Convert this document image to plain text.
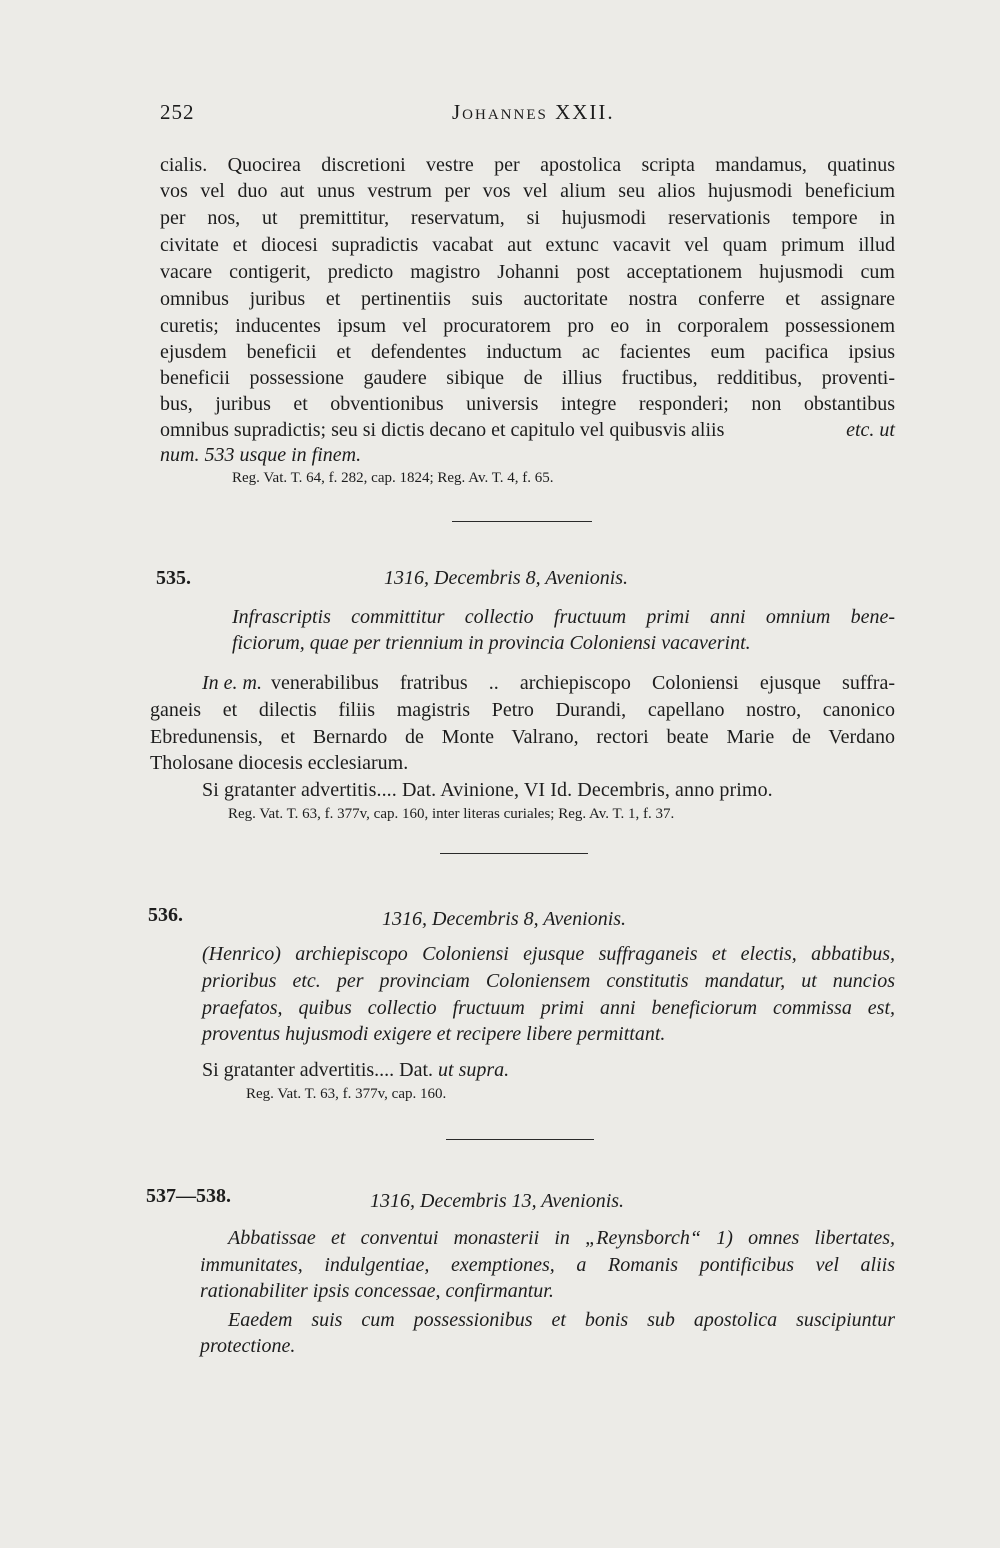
252	Johannes XXII.
cialis. Quocirea discretioni vestre per apostolica scripta mandamus, quatinus
vos vel duo aut unus vestrum per vos vel alium seu alios hujusmodi beneficium
per nos, ut premittitur, reservatum, si hujusmodi reservationis tempore in
civitate et diocesi supradictis vacabat aut extunc vacavit vel quam primum illud
vacare contigerit, predicto magistro Johanni post acceptationem hujusmodi cum
omnibus juribus et pertinentiis suis auctoritate nostra conferre et assignare
curetis; inducentes ipsum vel procuratorem pro eo in corporalem possessionem
ejusdem beneficii et defendentes inductum ac facientes eum pacifica ipsius
beneficii possessione gaudere sibique de illius fructibus, redditibus, proventi-
bus, juribus et obventionibus universis integre responderi; non obstantibus
omnibus supradictis; seu si dictis decano et capitulo vel quibusvis aliis	etc. ut
num. 533 usque in finem.
Reg. Vat. T. 64, f. 282, cap. 1824; Reg. Av. T. 4, f. 65.
535.	1316, Decembris 8, Avenionis.
Infrascriptis committitur collectio fructuum primi anni omnium bene-
ficiorum, quae per triennium in provincia Coloniensi vacaverint.
In e. m. venerabilibus fratribus .. archiepiscopo Coloniensi ejusque suffra-
ganeis et dilectis filiis magistris Petro Durandi, capellano nostro, canonico
Ebredunensis, et Bernardo de Monte Valrano, rectori beate Marie de Verdano
Tholosane diocesis ecclesiarum.
Si gratanter advertitis.... Dat. Avinione, VI Id. Decembris, anno primo.
Reg. Vat. T. 63, f. 377v, cap. 160, inter literas curiales; Reg. Av. T. 1, f. 37.
536.	1316, Decembris 8, Avenionis.
(Henrico) archiepiscopo Coloniensi ejusque suffraganeis et electis, abbatibus,
prioribus etc. per provinciam Coloniensem constitutis mandatur, ut nuncios
praefatos, quibus collectio fructuum primi anni beneficiorum commissa est,
proventus hujusmodi exigere et recipere libere permittant.
Si gratanter advertitis.... Dat. ut supra.
Reg. Vat. T. 63, f. 377v, cap. 160.
537—538.	1316, Decembris 13, Avenionis.
Abbatissae et conventui monasterii in „Reynsborch“ 1) omnes libertates,
immunitates, indulgentiae, exemptiones, a Romanis pontificibus vel aliis
rationabiliter ipsis concessae, confirmantur.
Eaedem suis cum possessionibus et bonis sub apostolica suscipiuntur
protectione.
